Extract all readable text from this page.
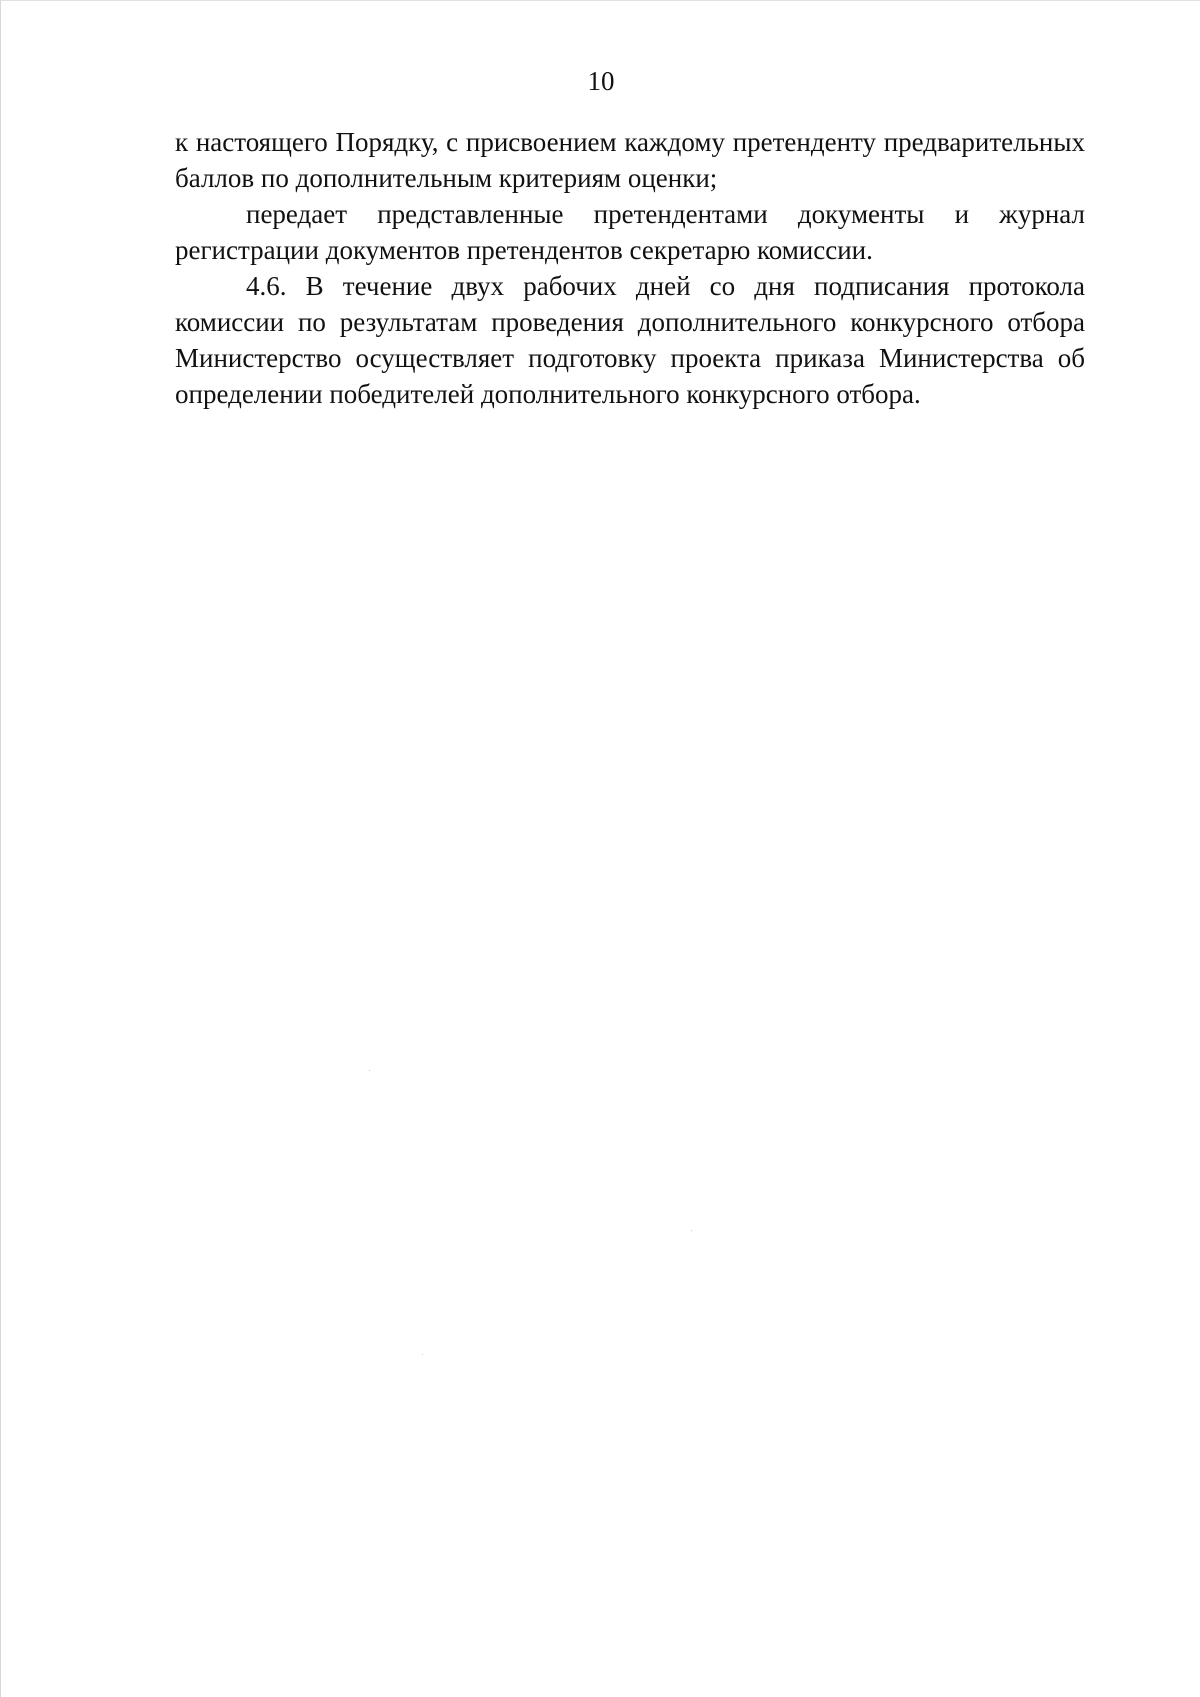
10

к настоящего Порядку, с присвоением каждому претенденту предварительных баллов по дополнительным критериям оценки;

передает представленные претендентами документы и журнал регистрации документов претендентов секретарю комиссии.

4.6. В течение двух рабочих дней со дня подписания протокола комиссии по результатам проведения дополнительного конкурсного отбора Министерство осуществляет подготовку проекта приказа Министерства об определении победителей дополнительного конкурсного отбора.
